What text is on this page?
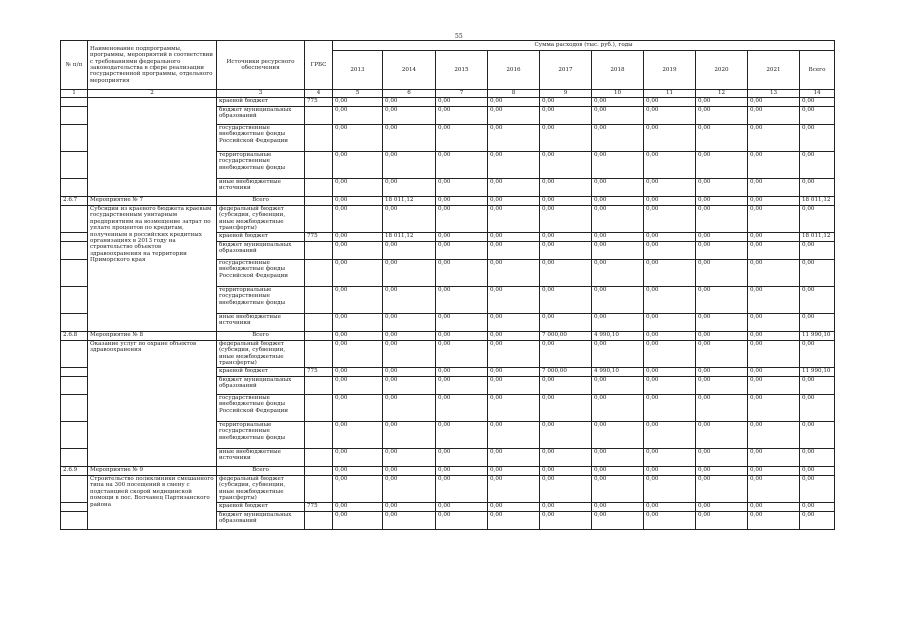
55
№ п/п	Наименование подпрограммы, программы, мероприятий в соответствии с требованиями федерального законодательства в сфере реализации государственной программы, отдельного мероприятия	Источники ресурсного обеспечения	ГРБС	Сумма расходов (тыс. руб.), годы									
				2013	2014	2015	2016	2017	2018	2019	2020	2021	Всего
1	2	3	4	5	6	7	8	9	10	11	12	13	14
		краевой бюджет	775	0,00	0,00	0,00	0,00	0,00	0,00	0,00	0,00	0,00	0,00
		бюджет муниципальных образований		0,00	0,00	0,00	0,00	0,00	0,00	0,00	0,00	0,00	0,00
		государственные внебюджетные фонды Российской Федерации		0,00	0,00	0,00	0,00	0,00	0,00	0,00	0,00	0,00	0,00
		территориальные государственные внебюджетные фонды		0,00	0,00	0,00	0,00	0,00	0,00	0,00	0,00	0,00	0,00
		иные внебюджетные источники		0,00	0,00	0,00	0,00	0,00	0,00	0,00	0,00	0,00	0,00
2.6.7	Мероприятие № 7	Всего		0,00	18 011,12	0,00	0,00	0,00	0,00	0,00	0,00	0,00	18 011,12
	Субсидии из краевого бюджета краевым государственным унитарным предприятиям на возмещение затрат по уплате процентов по кредитам, полученным в российских кредитных организациях в 2013 году на строительство объектов здравоохранения на территории Приморского края	федеральный бюджет (субсидии, субвенции, иные межбюджетные трансферты)		0,00	0,00	0,00	0,00	0,00	0,00	0,00	0,00	0,00	0,00
		краевой бюджет	775	0,00	18 011,12	0,00	0,00	0,00	0,00	0,00	0,00	0,00	18 011,12
		бюджет муниципальных образований		0,00	0,00	0,00	0,00	0,00	0,00	0,00	0,00	0,00	0,00
		государственные внебюджетные фонды Российской Федерации		0,00	0,00	0,00	0,00	0,00	0,00	0,00	0,00	0,00	0,00
		территориальные государственные внебюджетные фонды		0,00	0,00	0,00	0,00	0,00	0,00	0,00	0,00	0,00	0,00
		иные внебюджетные источники		0,00	0,00	0,00	0,00	0,00	0,00	0,00	0,00	0,00	0,00
2.6.8	Мероприятие № 8	Всего		0,00	0,00	0,00	0,00	7 000,00	4 990,10	0,00	0,00	0,00	11 990,10
	Оказание услуг по охране объектов здравоохранения	федеральный бюджет (субсидии, субвенции, иные межбюджетные трансферты)		0,00	0,00	0,00	0,00	0,00	0,00	0,00	0,00	0,00	0,00
		краевой бюджет	775	0,00	0,00	0,00	0,00	7 000,00	4 990,10	0,00	0,00	0,00	11 990,10
		бюджет муниципальных образований		0,00	0,00	0,00	0,00	0,00	0,00	0,00	0,00	0,00	0,00
		государственные внебюджетные фонды Российской Федерации		0,00	0,00	0,00	0,00	0,00	0,00	0,00	0,00	0,00	0,00
		территориальные государственные внебюджетные фонды		0,00	0,00	0,00	0,00	0,00	0,00	0,00	0,00	0,00	0,00
		иные внебюджетные источники		0,00	0,00	0,00	0,00	0,00	0,00	0,00	0,00	0,00	0,00
2.6.9	Мероприятие № 9	Всего		0,00	0,00	0,00	0,00	0,00	0,00	0,00	0,00	0,00	0,00
	Строительство поликлиники смешанного типа на 300 посещений в смену с подстанцией скорой медицинской помощи в пос. Волчанец Партизанского района	федеральный бюджет (субсидии, субвенции, иные межбюджетные трансферты)		0,00	0,00	0,00	0,00	0,00	0,00	0,00	0,00	0,00	0,00
		краевой бюджет	775	0,00	0,00	0,00	0,00	0,00	0,00	0,00	0,00	0,00	0,00
		бюджет муниципальных образований		0,00	0,00	0,00	0,00	0,00	0,00	0,00	0,00	0,00	0,00
